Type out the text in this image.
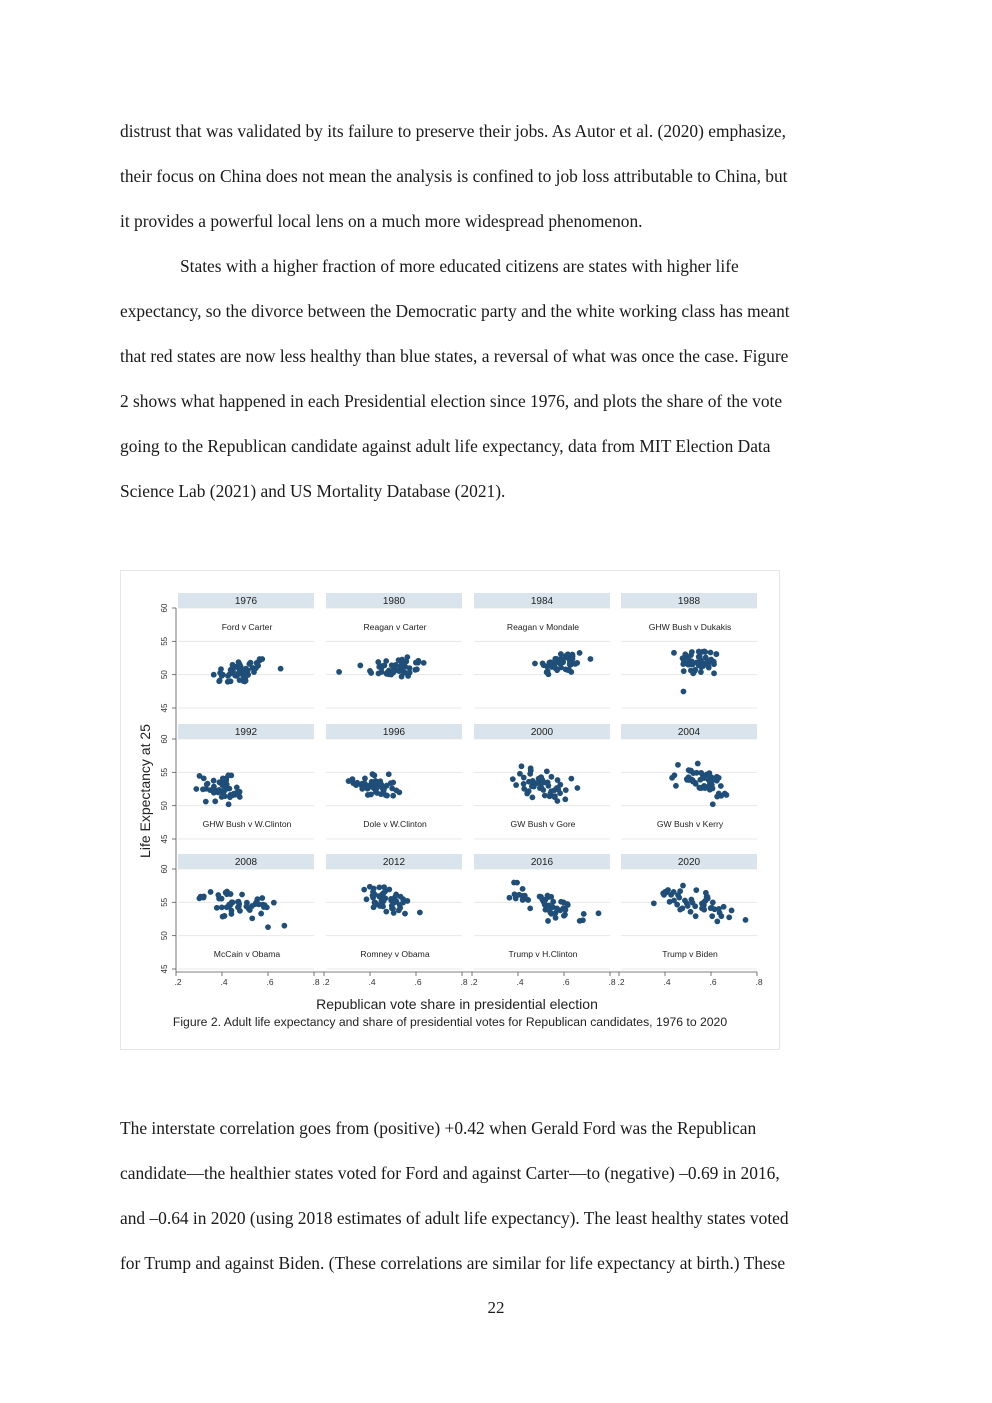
distrust that was validated by its failure to preserve their jobs. As Autor et al. (2020) emphasize,
their focus on China does not mean the analysis is confined to job loss attributable to China, but
it provides a powerful local lens on a much more widespread phenomenon.
States with a higher fraction of more educated citizens are states with higher life
expectancy, so the divorce between the Democratic party and the white working class has meant
that red states are now less healthy than blue states, a reversal of what was once the case. Figure
2 shows what happened in each Presidential election since 1976, and plots the share of the vote
going to the Republican candidate against adult life expectancy, data from MIT Election Data
Science Lab (2021) and US Mortality Database (2021).
1976
Ford v Carter
60
55
50
45
1980
Reagan v Carter
1984
Reagan v Mondale
1988
GHW Bush v Dukakis
1992
GHW Bush v W.Clinton
60
55
50
45
1996
Dole v W.Clinton
2000
GW Bush v Gore
2004
GW Bush v Kerry
2008
McCain v Obama
60
55
50
45
.2	.4	.6	.8
2012
Romney v Obama
.2	.4	.6	.8
2016
Trump v H.Clinton
.2	.4	.6	.8
2020
Trump v Biden
.2	.4	.6	.8
Life Expectancy at 25
Republican vote share in presidential election
Figure 2. Adult life expectancy and share of presidential votes for Republican candidates, 1976 to 2020
The interstate correlation goes from (positive) +0.42 when Gerald Ford was the Republican
candidate—the healthier states voted for Ford and against Carter—to (negative) –0.69 in 2016,
and –0.64 in 2020 (using 2018 estimates of adult life expectancy). The least healthy states voted
for Trump and against Biden. (These correlations are similar for life expectancy at birth.) These
22
